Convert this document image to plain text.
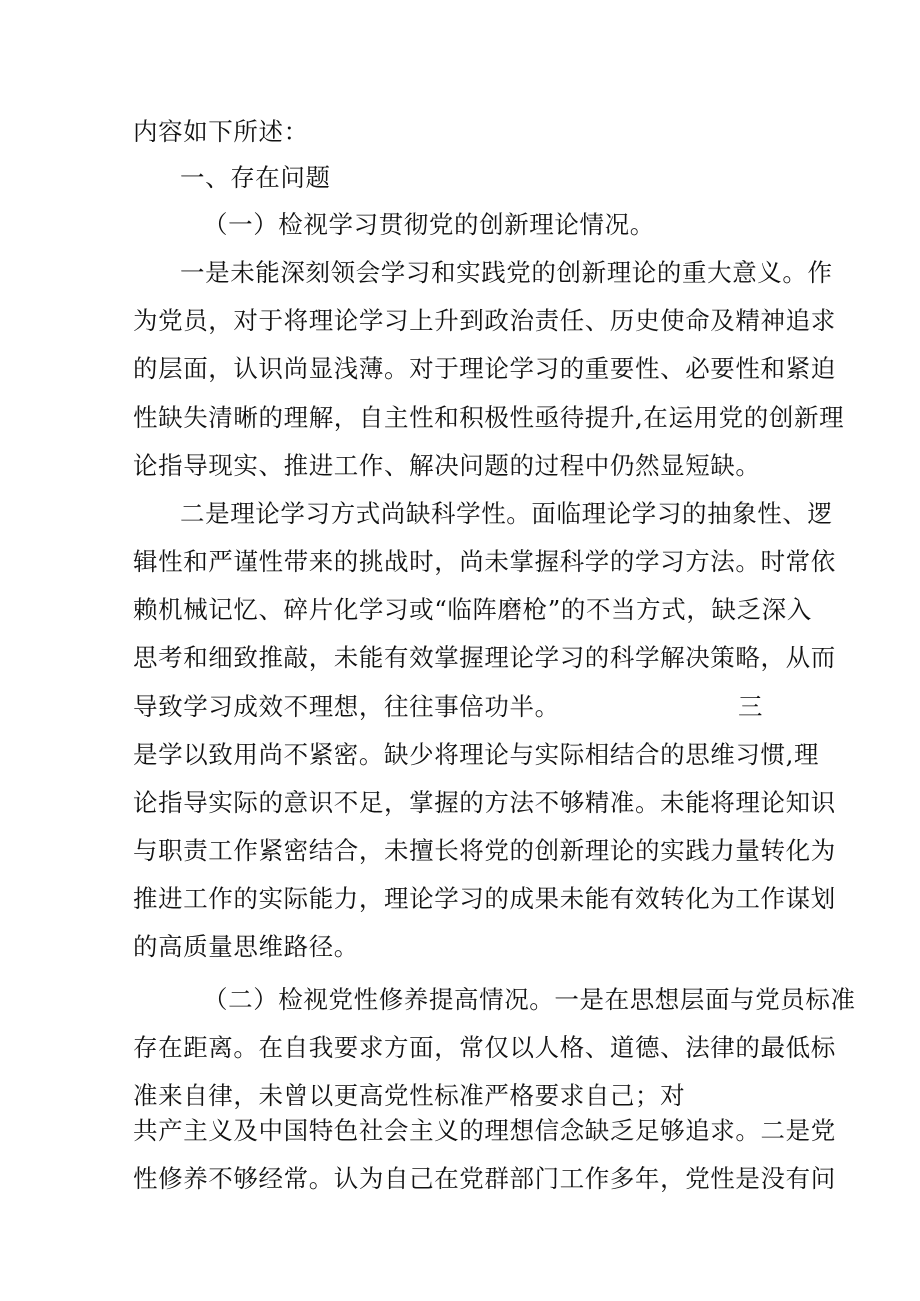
内容如下所述：
一、存在问题
（一）检视学习贯彻党的创新理论情况。
一是未能深刻领会学习和实践党的创新理论的重大意义。作
为党员，对于将理论学习上升到政治责任、历史使命及精神追求
的层面，认识尚显浅薄。对于理论学习的重要性、必要性和紧迫
性缺失清晰的理解，自主性和积极性亟待提升,在运用党的创新理
论指导现实、推进工作、解决问题的过程中仍然显短缺。
二是理论学习方式尚缺科学性。面临理论学习的抽象性、逻
辑性和严谨性带来的挑战时，尚未掌握科学的学习方法。时常依
赖机械记忆、碎片化学习或“临阵磨枪”的不当方式，缺乏深入
思考和细致推敲，未能有效掌握理论学习的科学解决策略，从而
导致学习成效不理想，往往事倍功半。	三
是学以致用尚不紧密。缺少将理论与实际相结合的思维习惯,理
论指导实际的意识不足，掌握的方法不够精准。未能将理论知识
与职责工作紧密结合，未擅长将党的创新理论的实践力量转化为
推进工作的实际能力，理论学习的成果未能有效转化为工作谋划
的高质量思维路径。
（二）检视党性修养提高情况。一是在思想层面与党员标准
存在距离。在自我要求方面，常仅以人格、道德、法律的最低标
准来自律，未曾以更高党性标准严格要求自己；对
共产主义及中国特色社会主义的理想信念缺乏足够追求。二是党
性修养不够经常。认为自己在党群部门工作多年，党性是没有问
